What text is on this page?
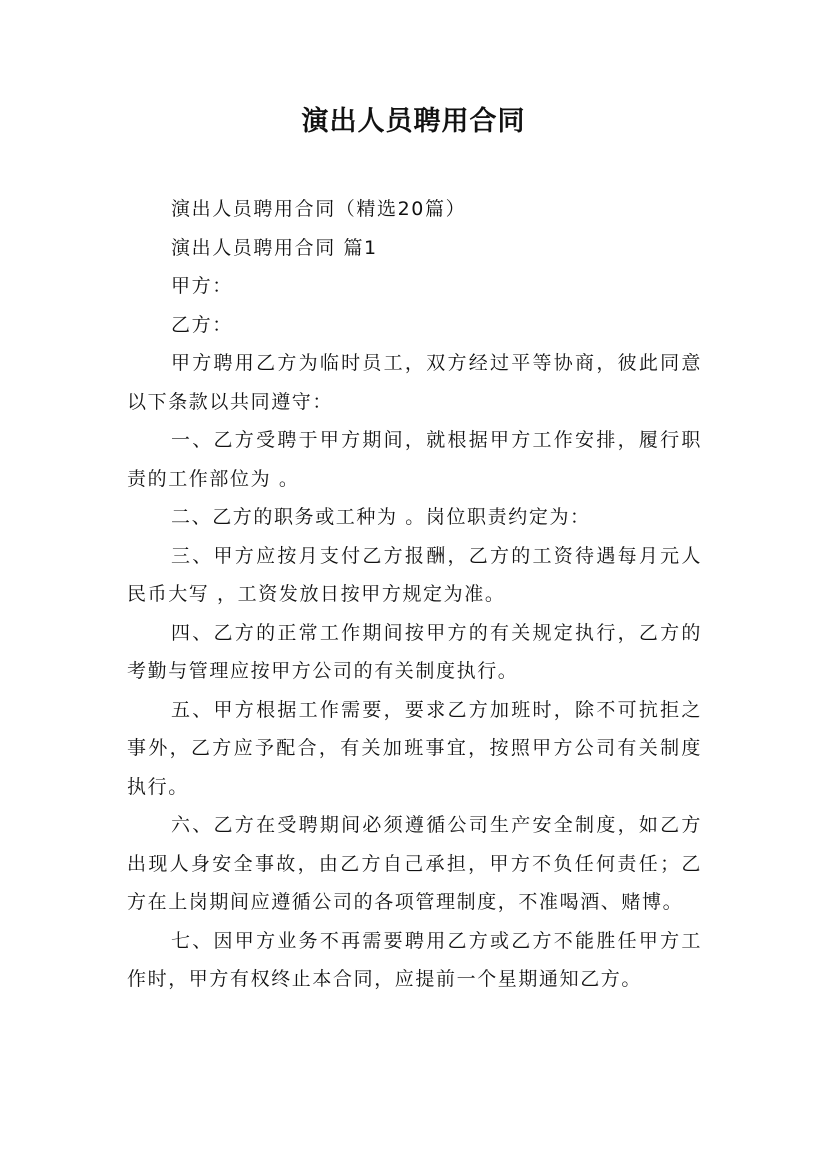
演出人员聘用合同

演出人员聘用合同（精选20篇）

演出人员聘用合同 篇1

甲方：

乙方：

甲方聘用乙方为临时员工，双方经过平等协商，彼此同意以下条款以共同遵守：

一、乙方受聘于甲方期间，就根据甲方工作安排，履行职责的工作部位为 。

二、乙方的职务或工种为 。岗位职责约定为：

三、甲方应按月支付乙方报酬，乙方的工资待遇每月元人民币大写 ，工资发放日按甲方规定为准。

四、乙方的正常工作期间按甲方的有关规定执行，乙方的考勤与管理应按甲方公司的有关制度执行。

五、甲方根据工作需要，要求乙方加班时，除不可抗拒之事外，乙方应予配合，有关加班事宜，按照甲方公司有关制度执行。

六、乙方在受聘期间必须遵循公司生产安全制度，如乙方出现人身安全事故，由乙方自己承担，甲方不负任何责任；乙方在上岗期间应遵循公司的各项管理制度，不准喝酒、赌博。

七、因甲方业务不再需要聘用乙方或乙方不能胜任甲方工作时，甲方有权终止本合同，应提前一个星期通知乙方。
